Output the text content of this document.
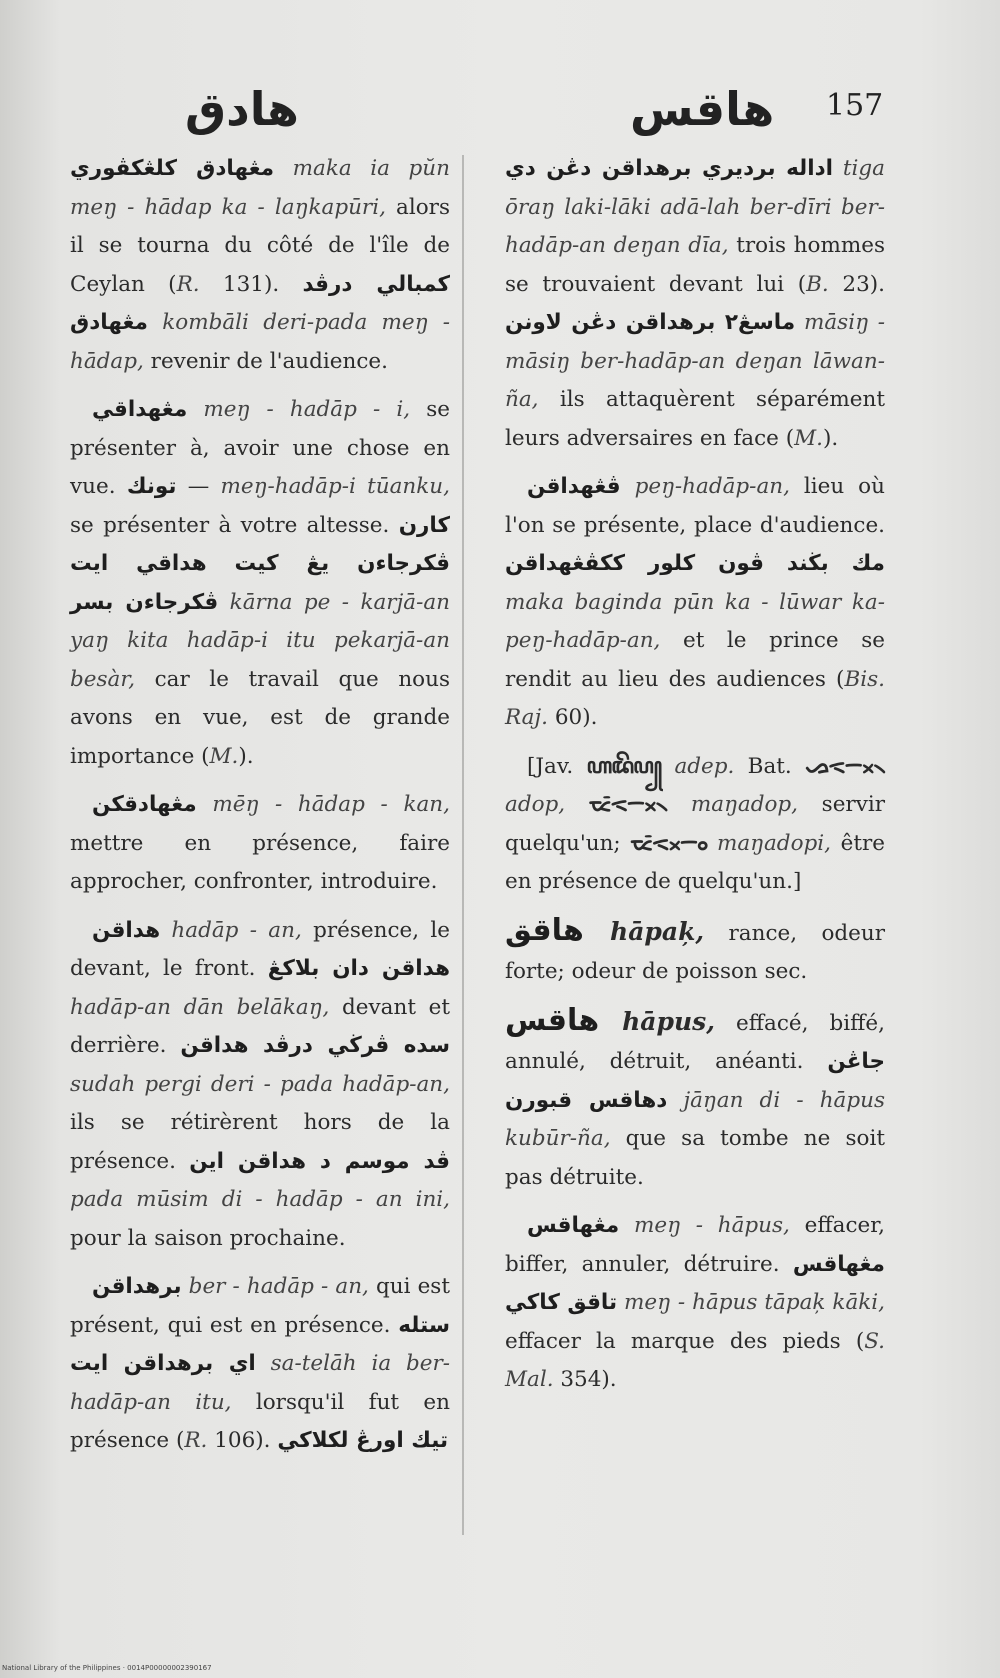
هادق	هاقس 157

مڠهادق كلڠكڤوري maka ia pŭn meŋ - hādap ka - laŋkapūri, alors il se tourna du côté de l'île de Ceylan (R. 131). كمبالي درڤد مڠهادق kombāli deri-pada meŋ - hādap, revenir de l'audience.

مڠهداقي meŋ - hadāp - i, se présenter à, avoir une chose en vue. تونك — meŋ-hadāp-i tūanku, se présenter à votre altesse. كارن ڤكرجاءن يڠ كيت هداقي ايت ڤكرجاءن بسر kārna pe - karjā-an yaŋ kita hadāp-i itu pekarjā-an besàr, car le travail que nous avons en vue, est de grande importance (M.).

مڠهادقكن mēŋ - hādap - kan, mettre en présence, faire approcher, confronter, introduire.

هداقن hadāp - an, présence, le devant, le front. هداقن دان بلاكڠ hadāp-an dān belākaŋ, devant et derrière. سده ڤرڬي درڤد هداقن sudah pergi deri - pada hadāp-an, ils se rétirèrent hors de la présence. ڤد موسم د هداقن اين pada mūsim di - hadāp - an ini, pour la saison prochaine.

برهداقن ber - hadāp - an, qui est présent, qui est en présence. ستله اي برهداقن ايت sa-telāh ia ber-hadāp-an itu, lorsqu'il fut en présence (R. 106). تيك اورڠ لكلاكي

اداله برديري برهداقن دڠن دي tiga ōraŋ laki-lāki adā-lah ber-dīri ber-hadāp-an deŋan dīa, trois hommes se trouvaient devant lui (B. 23). ماسڠ٢ برهداقن دڠن لاونن māsiŋ - māsiŋ ber-hadāp-an deŋan lāwan-ña, ils attaquèrent séparément leurs adversaires en face (M.).

ڤڠهداقن peŋ-hadāp-an, lieu où l'on se présente, place d'audience. مك بڬند ڤون كلور ككڤڠهداقن maka baginda pūn ka - lūwar ka-peŋ-hadāp-an, et le prince se rendit au lieu des audiences (Bis. Raj. 60).

[Jav. ꦲꦢꦼꦥ꧀ adep. Bat. ᯀᯑᯬᯇ᯲ adop, ᯔᯰᯑᯬᯇ᯲ maŋadop, servir quelqu'un; ᯔᯰᯑᯬᯇᯪ maŋadopi, être en présence de quelqu'un.]

هاقق hāpak̦, rance, odeur forte; odeur de poisson sec.

هاقس hāpus, effacé, biffé, annulé, détruit, anéanti. جاڠن دهاقس قبورن jāŋan di - hāpus kubūr-ña, que sa tombe ne soit pas détruite.

مڠهاقس meŋ - hāpus, effacer, biffer, annuler, détruire. مڠهاقس تاقق كاكي meŋ - hāpus tāpak̦ kāki, effacer la marque des pieds (S. Mal. 354).

National Library of the Philippines · 0014P00000002390167
